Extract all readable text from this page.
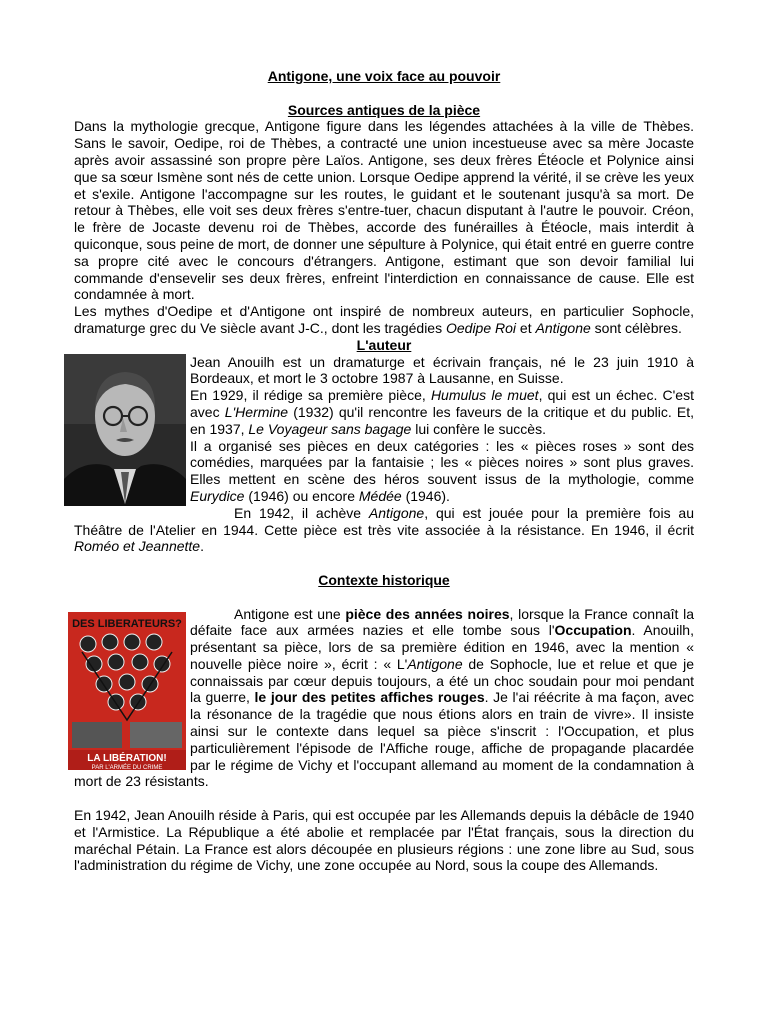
Antigone, une voix face au pouvoir

Sources antiques de la pièce

Dans la mythologie grecque, Antigone figure dans les légendes attachées à la ville de Thèbes. Sans le savoir, Oedipe, roi de Thèbes, a contracté une union incestueuse avec sa mère Jocaste après avoir assassiné son propre père Laïos. Antigone, ses deux frères Étéocle et Polynice ainsi que sa sœur Ismène sont nés de cette union. Lorsque Oedipe apprend la vérité, il se crève les yeux et s'exile. Antigone l'accompagne sur les routes, le guidant et le soutenant jusqu'à sa mort. De retour à Thèbes, elle voit ses deux frères s'entre-tuer, chacun disputant à l'autre le pouvoir. Créon, le frère de Jocaste devenu roi de Thèbes, accorde des funérailles à Étéocle, mais interdit à quiconque, sous peine de mort, de donner une sépulture à Polynice, qui était entré en guerre contre sa propre cité avec le concours d'étrangers. Antigone, estimant que son devoir familial lui commande d'ensevelir ses deux frères, enfreint l'interdiction en connaissance de cause. Elle est condamnée à mort.

Les mythes d'Oedipe et d'Antigone ont inspiré de nombreux auteurs, en particulier Sophocle, dramaturge grec du Ve siècle avant J-C., dont les tragédies Oedipe Roi et Antigone sont célèbres.

L'auteur

Jean Anouilh est un dramaturge et écrivain français, né le 23 juin 1910 à Bordeaux, et mort le 3 octobre 1987 à Lausanne, en Suisse.

En 1929, il rédige sa première pièce, Humulus le muet, qui est un échec. C'est avec L'Hermine (1932) qu'il rencontre les faveurs de la critique et du public. Et, en 1937, Le Voyageur sans bagage lui confère le succès.

Il a organisé ses pièces en deux catégories : les « pièces roses » sont des comédies, marquées par la fantaisie ; les « pièces noires » sont plus graves. Elles mettent en scène des héros souvent issus de la mythologie, comme Eurydice (1946) ou encore Médée (1946).

En 1942, il achève Antigone, qui est jouée pour la première fois au Théâtre de l'Atelier en 1944. Cette pièce est très vite associée à la résistance. En 1946, il écrit Roméo et Jeannette.

Contexte historique

DES LIBERATEURS?
LA LIBÉRATION!
PAR L'ARMÉE DU CRIME

Antigone est une pièce des années noires, lorsque la France connaît la défaite face aux armées nazies et elle tombe sous l'Occupation. Anouilh, présentant sa pièce, lors de sa première édition en 1946, avec la mention « nouvelle pièce noire », écrit : « L'Antigone de Sophocle, lue et relue et que je connaissais par cœur depuis toujours, a été un choc soudain pour moi pendant la guerre, le jour des petites affiches rouges. Je l'ai réécrite à ma façon, avec la résonance de la tragédie que nous étions alors en train de vivre». Il insiste ainsi sur le contexte dans lequel sa pièce s'inscrit : l'Occupation, et plus particulièrement l'épisode de l'Affiche rouge, affiche de propagande placardée par le régime de Vichy et l'occupant allemand au moment de la condamnation à mort de 23 résistants.

En 1942, Jean Anouilh réside à Paris, qui est occupée par les Allemands depuis la débâcle de 1940 et l'Armistice. La République a été abolie et remplacée par l'État français, sous la direction du maréchal Pétain. La France est alors découpée en plusieurs régions : une zone libre au Sud, sous l'administration du régime de Vichy, une zone occupée au Nord, sous la coupe des Allemands.
